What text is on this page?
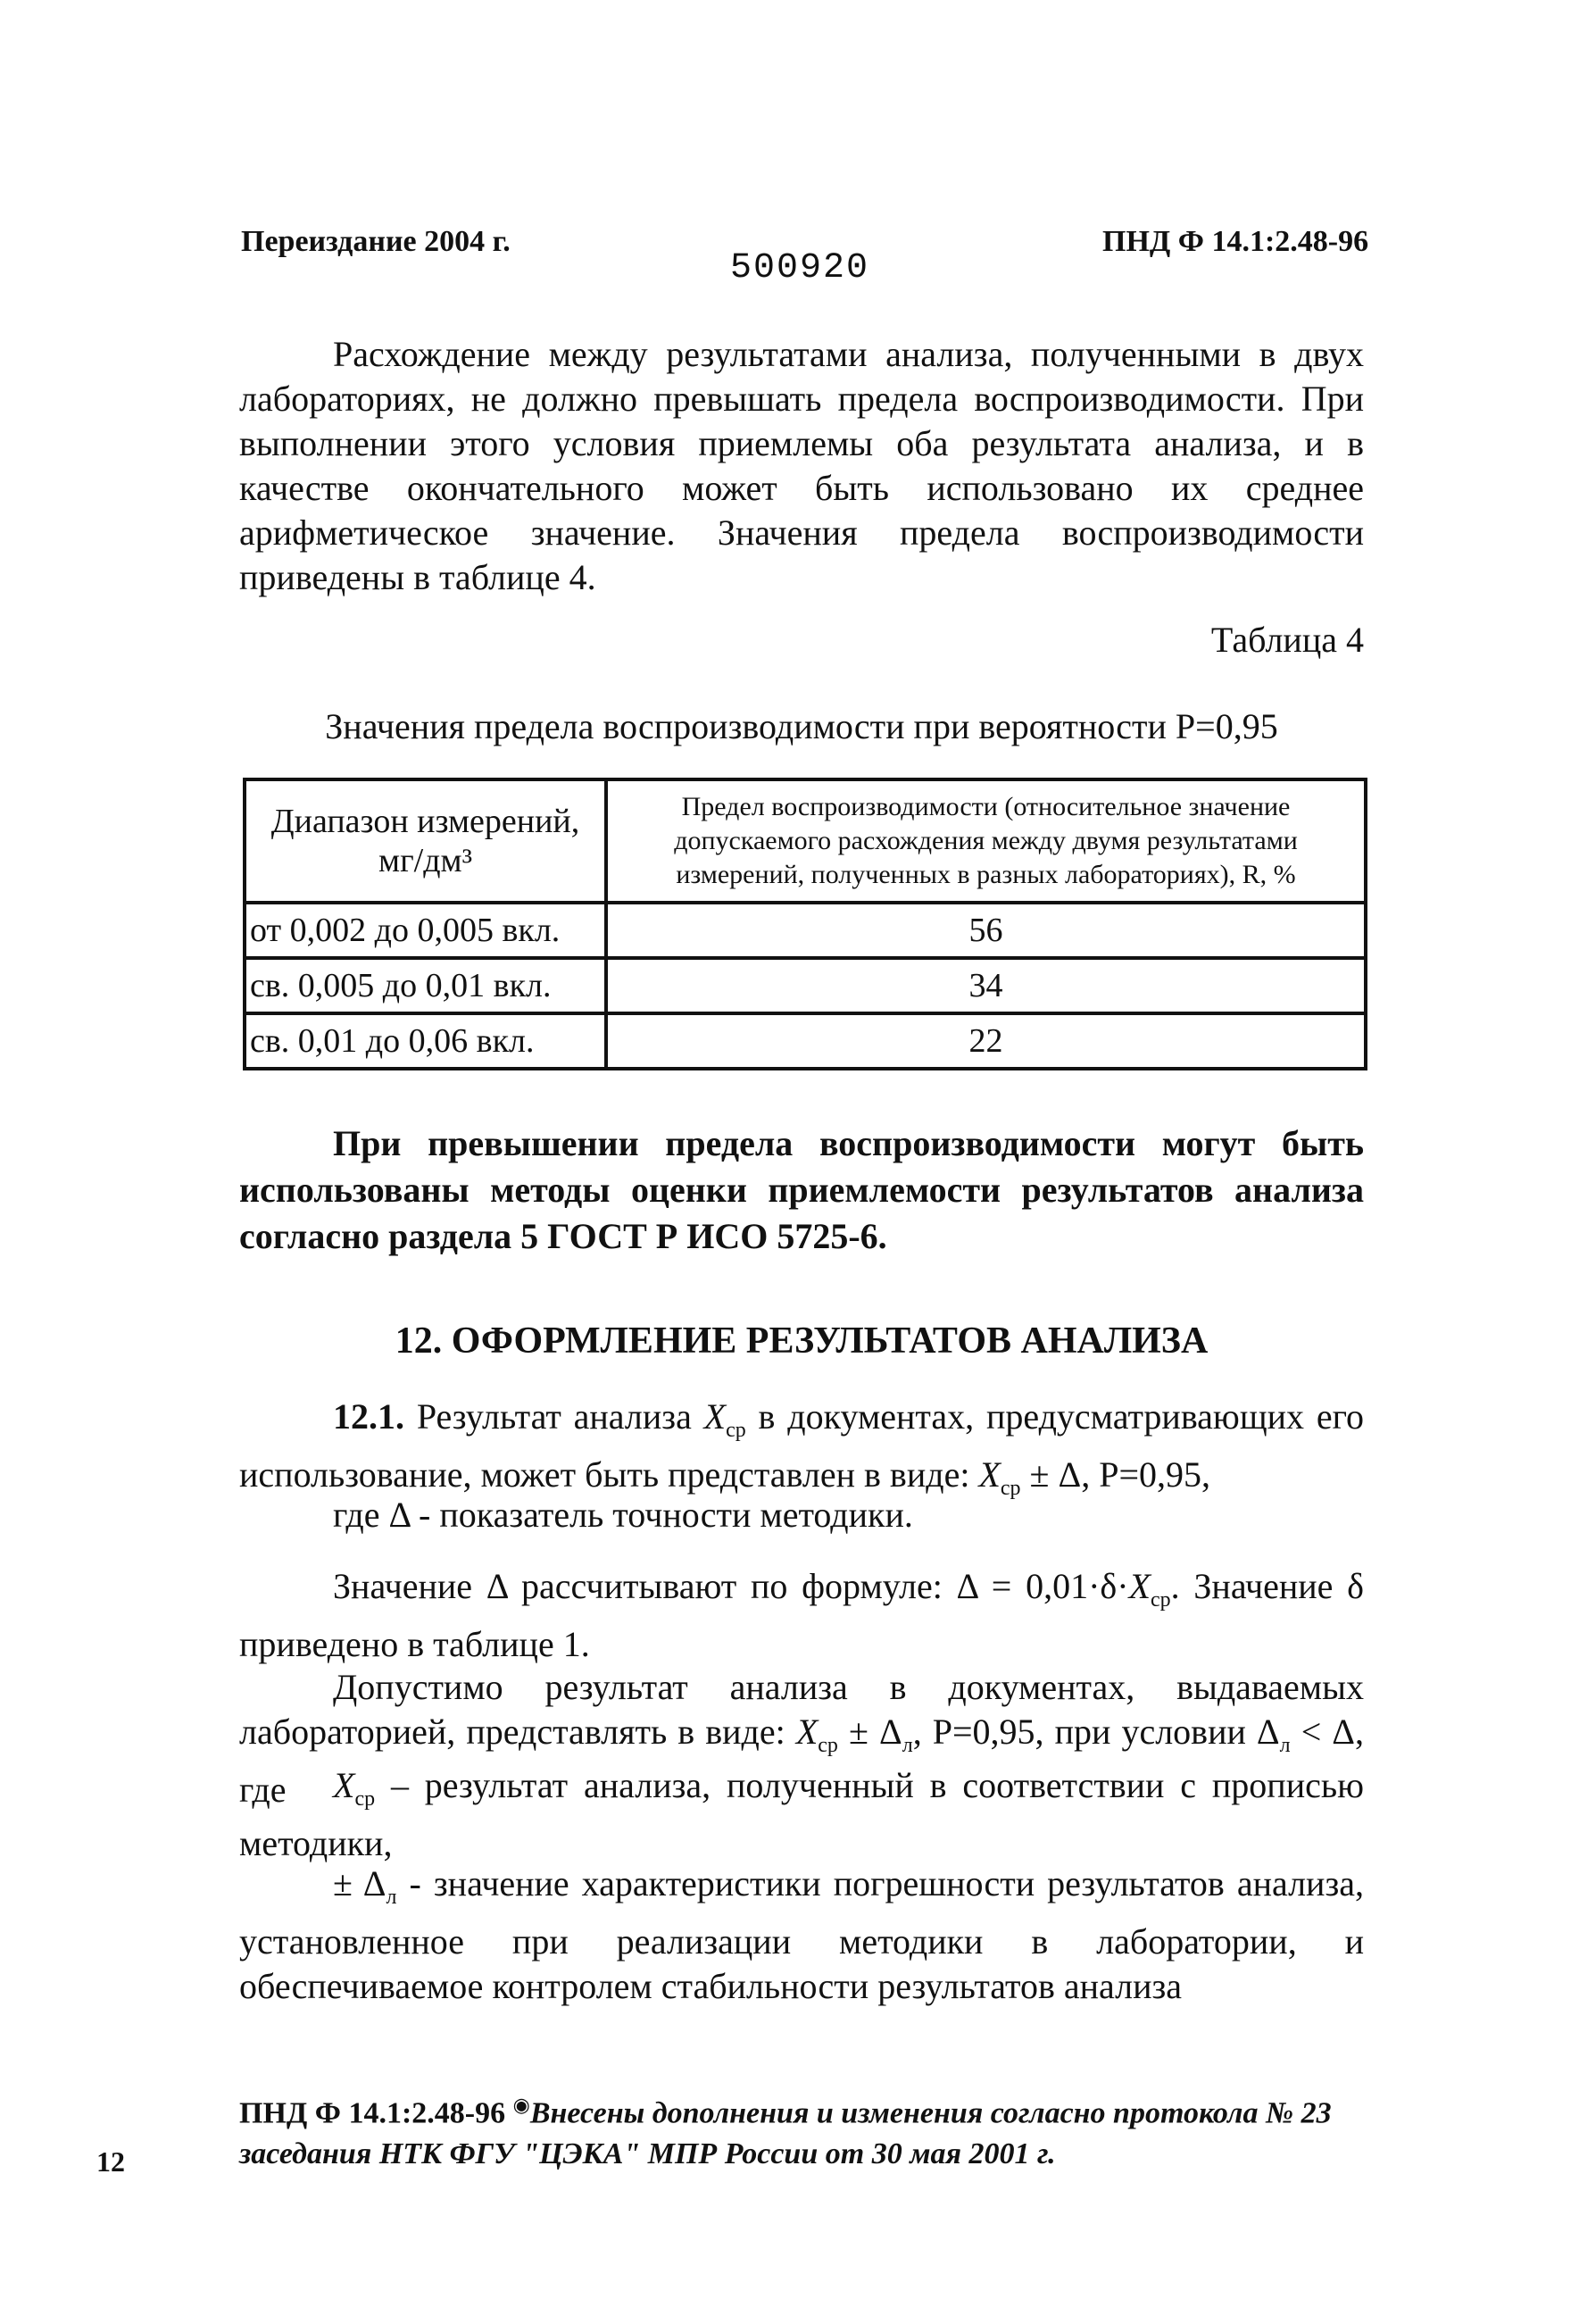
Переиздание 2004 г.
500920
ПНД Ф 14.1:2.48-96
Расхождение между результатами анализа, полученными в двух лабораториях, не должно превышать предела воспроизводимости. При выполнении этого условия приемлемы оба результата анализа, и в качестве окончательного может быть использовано их среднее арифметическое значение. Значения предела воспроизводимости приведены в таблице 4.
Таблица 4
Значения предела воспроизводимости при вероятности Р=0,95
Диапазон измерений, мг/дм³	Предел воспроизводимости (относительное значение допускаемого расхождения между двумя результатами измерений, полученных в разных лабораториях), R, %
от 0,002 до 0,005 вкл.	56
св. 0,005 до 0,01 вкл.	34
св. 0,01 до 0,06 вкл.	22
При превышении предела воспроизводимости могут быть использованы методы оценки приемлемости результатов анализа согласно раздела 5 ГОСТ Р ИСО 5725-6.
12. ОФОРМЛЕНИЕ РЕЗУЛЬТАТОВ АНАЛИЗА
12.1. Результат анализа $X_{ср}$ в документах, предусматривающих его использование, может быть представлен в виде: $X_{ср} \pm \Delta$, Р=0,95,
где Δ - показатель точности методики.
Значение Δ рассчитывают по формуле: $\Delta = 0,01\cdot\delta\cdot X_{ср}$. Значение δ приведено в таблице 1.
Допустимо результат анализа в документах, выдаваемых лабораторией, представлять в виде: $X_{ср} \pm \Delta_л$, Р=0,95, при условии $\Delta_л < \Delta$, где	$X_{ср}$ – результат анализа, полученный в соответствии с прописью методики,
± $\Delta_л$ - значение характеристики погрешности результатов анализа, установленное при реализации методики в лаборатории, и обеспечиваемое контролем стабильности результатов анализа
ПНД Ф 14.1:2.48-96 ◉Внесены дополнения и изменения согласно протокола № 23
заседания НТК ФГУ "ЦЭКА" МПР России от 30 мая 2001 г.
12
